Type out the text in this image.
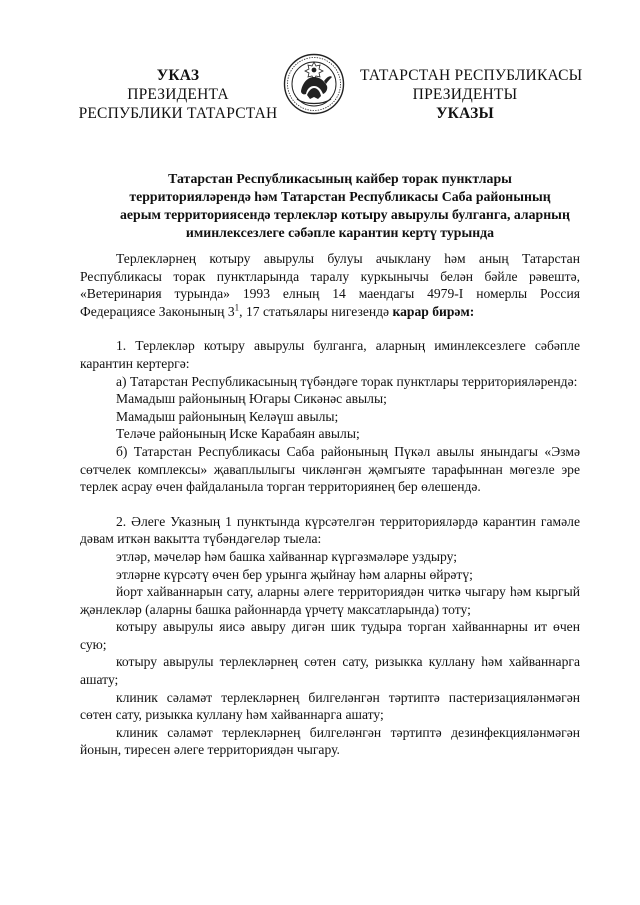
УКАЗ
ПРЕЗИДЕНТА
РЕСПУБЛИКИ ТАТАРСТАН
ТАТАРСТАН РЕСПУБЛИКАСЫ
ПРЕЗИДЕНТЫ
УКАЗЫ
Татарстан Республикасының кайбер торак пунктлары
территорияләрендә һәм Татарстан Республикасы Саба районының
аерым территориясендә терлекләр котыру авырулы булганга, аларның
иминлексезлеге сәбәпле карантин кертү турында

Терлекләрнең котыру авырулы булуы ачыклану һәм аның Татарстан Республикасы торак пунктларында таралу куркынычы белән бәйле рәвештә, «Ветеринария турында» 1993 елның 14 маендагы 4979-I номерлы Россия Федерациясе Законының $3^1$, 17 статьялары нигезендә карар бирәм:

1. Терлекләр котыру авырулы булганга, аларның иминлексезлеге сәбәпле карантин кертергә:

а) Татарстан Республикасының түбәндәге торак пунктлары территорияләрендә:

Мамадыш районының Югары Сикәнәс авылы;

Мамадыш районының Келәүш авылы;

Теләче районының Иске Карабаян авылы;

б) Татарстан Республикасы Саба районының Пүкәл авылы янындагы «Эзмә сөтчелек комплексы» җаваплылыгы чикләнгән җәмгыяте тарафыннан мөгезле эре терлек асрау өчен файдаланыла торган территориянең бер өлешендә.

2. Әлеге Указның 1 пунктында күрсәтелгән территорияләрдә карантин гамәле дәвам иткән вакытта түбәндәгеләр тыела:

этләр, мәчеләр һәм башка хайваннар күргәзмәләре уздыру;

этләрне күрсәтү өчен бер урынга җыйнау һәм аларны өйрәтү;

йорт хайваннарын сату, аларны әлеге территориядән читкә чыгару һәм кыргый җәнлекләр (аларны башка районнарда үрчетү максатларында) тоту;

котыру авырулы яисә авыру дигән шик тудыра торган хайваннарны ит өчен сую;

котыру авырулы терлекләрнең сөтен сату, ризыкка куллану һәм хайваннарга ашату;

клиник сәламәт терлекләрнең билгеләнгән тәртиптә пастеризацияләнмәгән сөтен сату, ризыкка куллану һәм хайваннарга ашату;

клиник сәламәт терлекләрнең билгеләнгән тәртиптә дезинфекцияләнмәгән йонын, тиресен әлеге территориядән чыгару.
